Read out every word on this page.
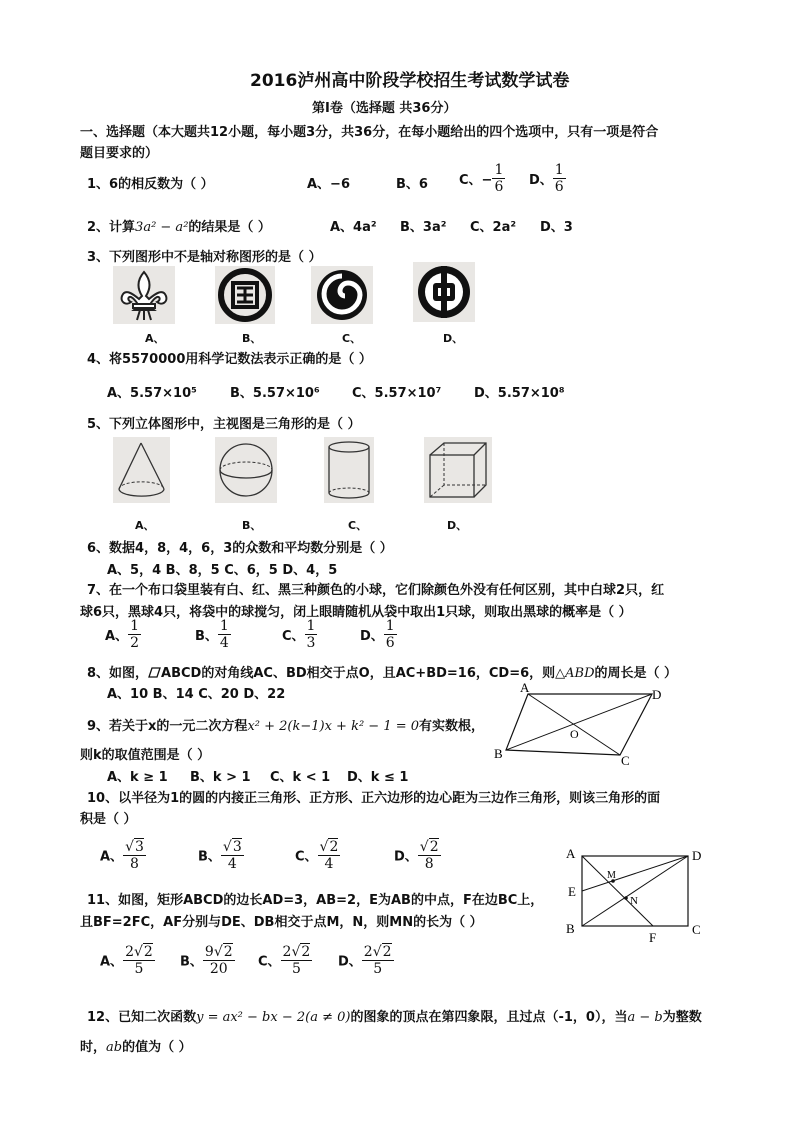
2016泸州高中阶段学校招生考试数学试卷
第Ⅰ卷（选择题 共36分）
一、选择题（本大题共12小题，每小题3分，共36分，在每小题给出的四个选项中，只有一项是符合
题目要求的）
1、6的相反数为（ ）	A、−6	B、6 C、− $\frac{1}{6}$ D、 $\frac{1}{6}$
2、计算3a² − a²的结果是（ ）	A、4a² B、3a² C、2a² D、3
3、下列图形中不是轴对称图形的是（ ）
A、	B、	C、	D、
4、将5570000用科学记数法表示正确的是（ ）
A、5.57×10⁵	B、5.57×10⁶ C、5.57×10⁷	D、5.57×10⁸
5、下列立体图形中，主视图是三角形的是（ ）
A、	B、	C、	D、
6、数据4，8，4，6，3的众数和平均数分别是（ ）
A、5，4 B、8，5 C、6，5 D、4，5
7、在一个布口袋里装有白、红、黑三种颜色的小球，它们除颜色外没有任何区别，其中白球2只，红
球6只，黑球4只，将袋中的球搅匀，闭上眼睛随机从袋中取出1只球，则取出黑球的概率是（ ）
A、 $\frac{1}{2}$	B、 $\frac{1}{4}$	C、 $\frac{1}{3}$	D、 $\frac{1}{6}$
8、如图， ABCD的对角线AC、BD相交于点O，且AC+BD=16，CD=6，则△ABD的周长是（ ）
A、10 B、14 C、20 D、22	A	D
B	C
O
9、若关于x的一元二次方程x² + 2(k−1)x + k² − 1 = 0有实数根，
则k的取值范围是（ ）
A、k ≥ 1 B、k > 1 C、k < 1 D、k ≤ 1
10、以半径为1的圆的内接正三角形、正方形、正六边形的边心距为三边作三角形，则该三角形的面
积是（ ）
A、 $\frac{√3}{8}$	B、 $\frac{√3}{4}$	C、 $\frac{√2}{4}$	D、 $\frac{√2}{8}$	A	D
E
B	C
F
M
N
11、如图，矩形ABCD的边长AD=3，AB=2，E为AB的中点，F在边BC上，
且BF=2FC，AF分别与DE、DB相交于点M，N，则MN的长为（ ）
A、 $\frac{2√2}{5}$ B、 $\frac{9√2}{20}$ C、 $\frac{2√2}{5}$ D、 $\frac{2√2}{5}$
12、已知二次函数y = ax² − bx − 2(a ≠ 0)的图象的顶点在第四象限，且过点（-1，0），当a − b为整数
时，ab的值为（ ）
